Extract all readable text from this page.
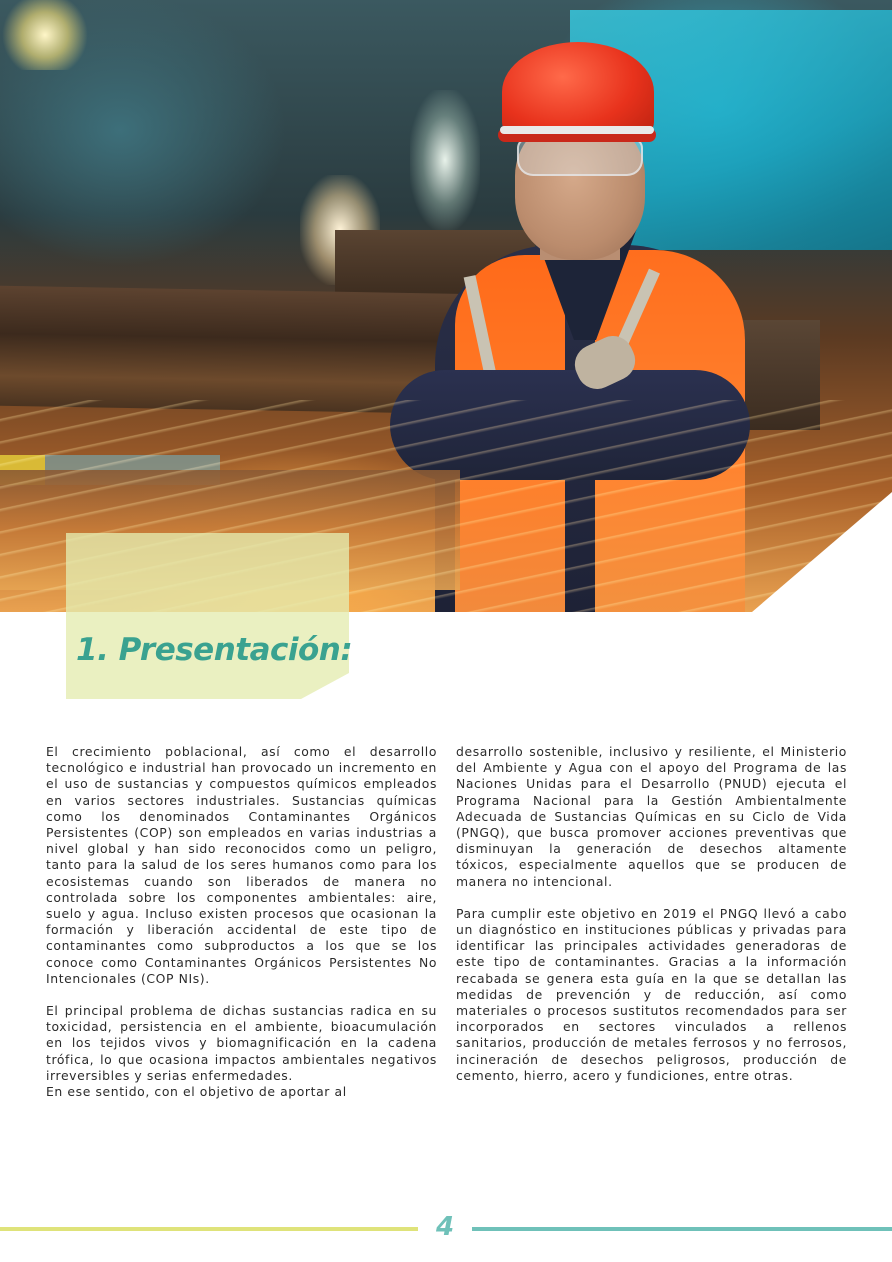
1. Presentación:

El crecimiento poblacional, así como el desarrollo tecnológico e industrial han provocado un incremento en el uso de sustancias y compuestos químicos empleados en varios sectores industriales. Sustancias químicas como los denominados Contaminantes Orgánicos Persistentes (COP) son empleados en varias industrias a nivel global y han sido reconocidos como un peligro, tanto para la salud de los seres humanos como para los ecosistemas cuando son liberados de manera no controlada sobre los componentes ambientales: aire, suelo y agua. Incluso existen procesos que ocasionan la formación y liberación accidental de este tipo de contaminantes como subproductos a los que se los conoce como Contaminantes Orgánicos Persistentes No Intencionales (COP NIs).

El principal problema de dichas sustancias radica en su toxicidad, persistencia en el ambiente, bioacumulación en los tejidos vivos y biomagnificación en la cadena trófica, lo que ocasiona impactos ambientales negativos irreversibles y serias enfermedades.

En ese sentido, con el objetivo de aportar al

desarrollo sostenible, inclusivo y resiliente, el Ministerio del Ambiente y Agua con el apoyo del Programa de las Naciones Unidas para el Desarrollo (PNUD) ejecuta el Programa Nacional para la Gestión Ambientalmente Adecuada de Sustancias Químicas en su Ciclo de Vida (PNGQ), que busca promover acciones preventivas que disminuyan la generación de desechos altamente tóxicos, especialmente aquellos que se producen de manera no intencional.

Para cumplir este objetivo en 2019 el PNGQ llevó a cabo un diagnóstico en instituciones públicas y privadas para identificar las principales actividades generadoras de este tipo de contaminantes. Gracias a la información recabada se genera esta guía en la que se detallan las medidas de prevención y de reducción, así como materiales o procesos sustitutos recomendados para ser incorporados en sectores vinculados a rellenos sanitarios, producción de metales ferrosos y no ferrosos, incineración de desechos peligrosos, producción de cemento, hierro, acero y fundiciones, entre otras.

4
